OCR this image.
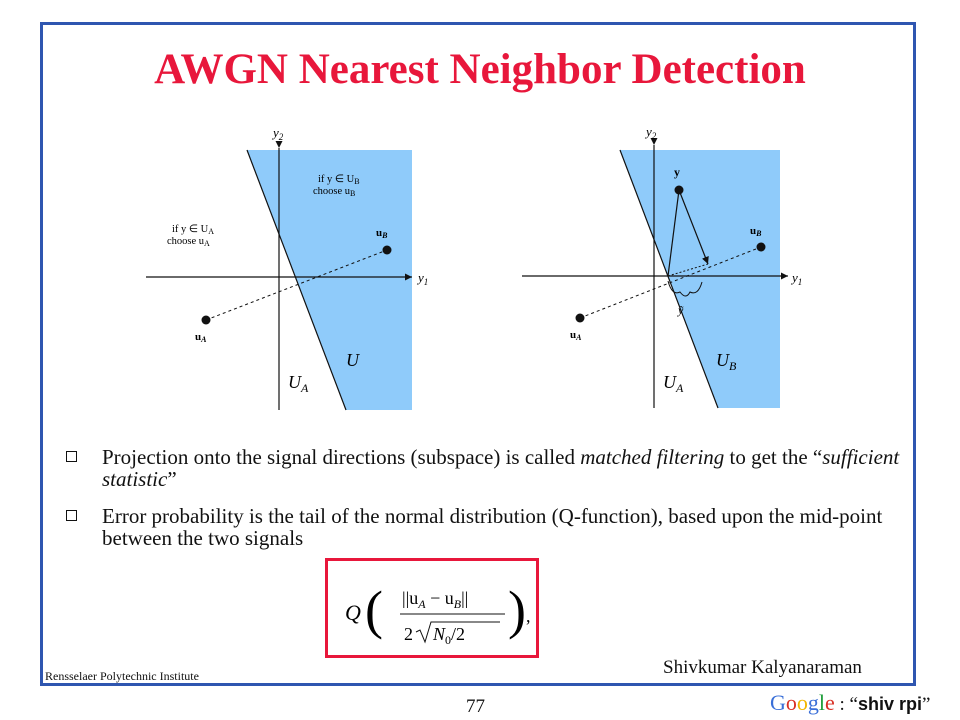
AWGN Nearest Neighbor Detection
$y_2$
$y_1$
if y ∈ UB
choose uB
if y ∈ UA
choose uA
uB
uA
U
$U_A$
$y_2$
$y_1$
y
uB
uA
ỹ
$U_B$
$U_A$
Q ( $||u_A - u_B||$
2 $N_0/2$ ) ,
Projection onto the signal directions (subspace) is called matched filtering to get the “sufficient statistic”
Error probability is the tail of the normal distribution (Q-function), based upon the mid-point between the two signals
Rensselaer Polytechnic Institute	Shivkumar Kalyanaraman
77	Google : “shiv rpi”
